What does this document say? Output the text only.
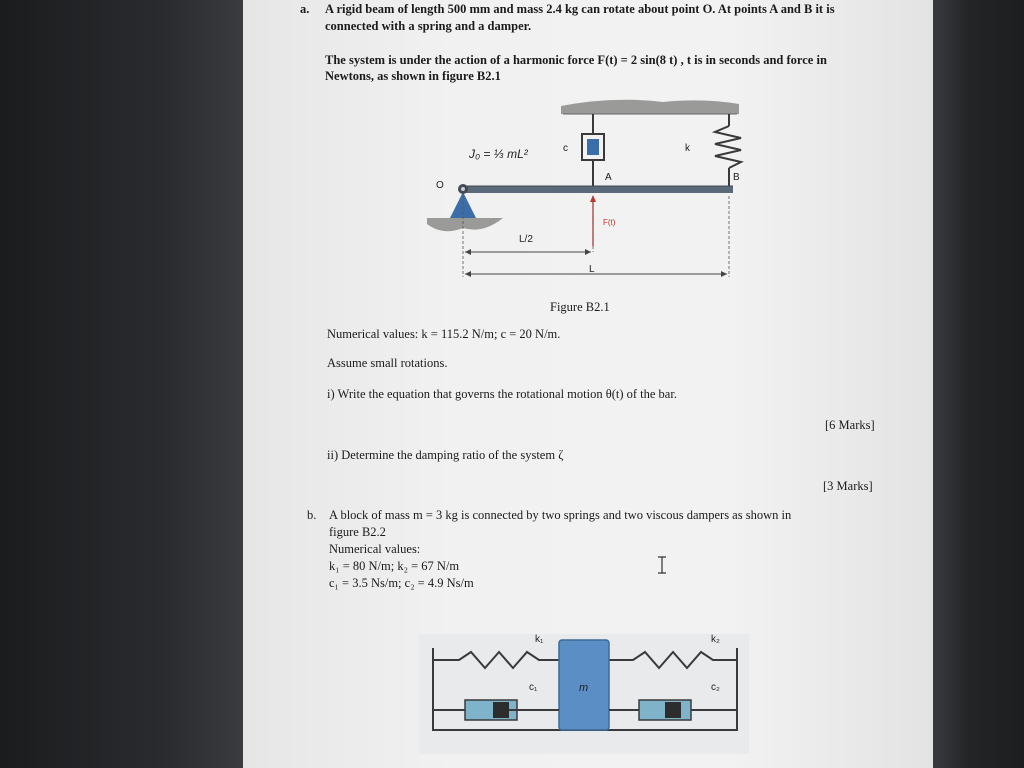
a. A rigid beam of length 500 mm and mass 2.4 kg can rotate about point O. At points A and B it is
connected with a spring and a damper.
The system is under the action of a harmonic force F(t) = 2 sin(8 t) , t is in seconds and force in
Newtons, as shown in figure B2.1
J₀ = ⅓ mL²	c	k
O
A	B
F(t)
L/2
L
Figure B2.1
Numerical values: k = 115.2 N/m; c = 20 N/m.
Assume small rotations.
i) Write the equation that governs the rotational motion θ(t) of the bar.
[6 Marks]
ii) Determine the damping ratio of the system ζ
[3 Marks]
b. A block of mass m = 3 kg is connected by two springs and two viscous dampers as shown in
figure B2.2
Numerical values:
k₁ = 80 N/m; k₂ = 67 N/m
c₁ = 3.5 Ns/m; c₂ = 4.9 Ns/m
k₁	k₂
c₁	c₂
m
